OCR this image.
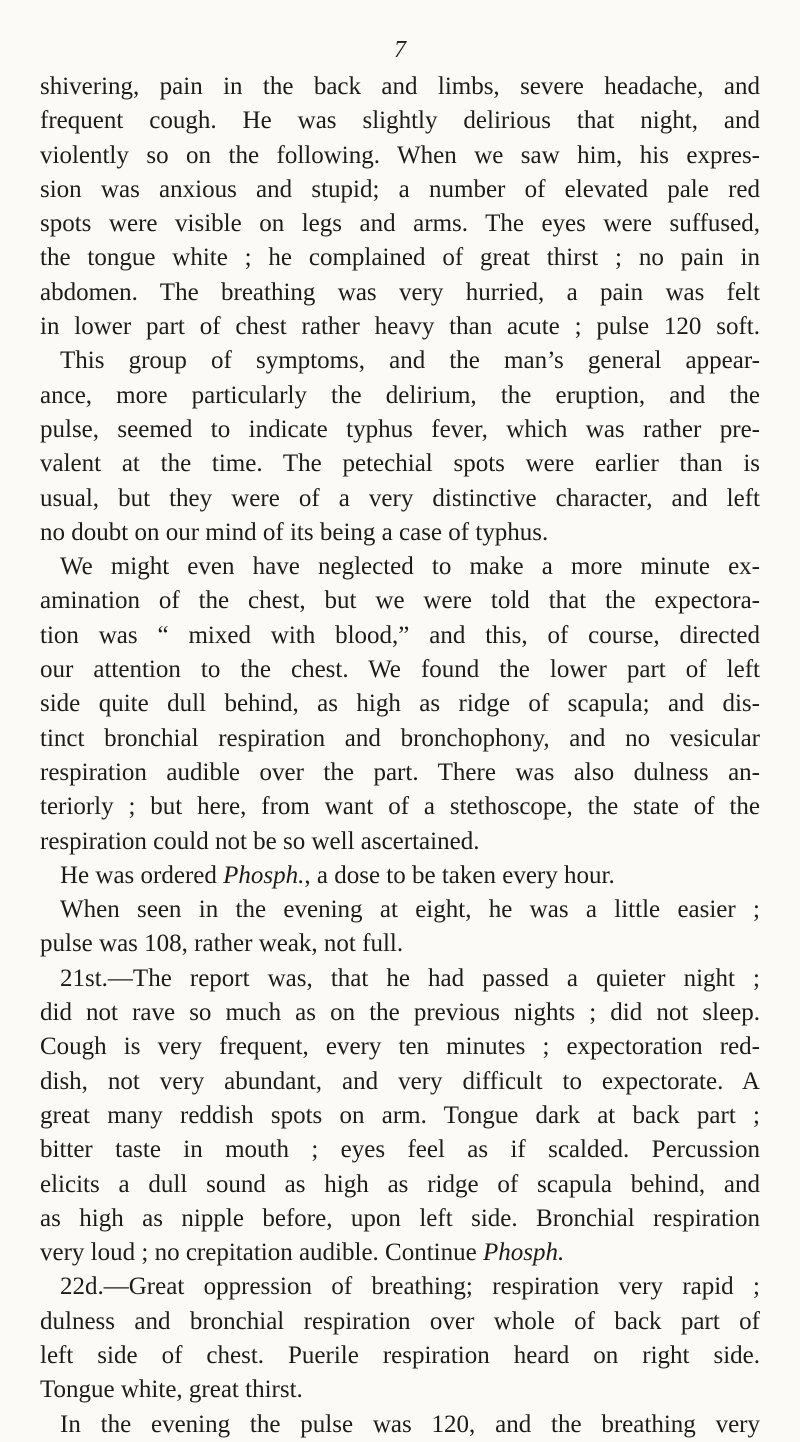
7
shivering, pain in the back and limbs, severe headache, and
frequent cough. He was slightly delirious that night, and
violently so on the following. When we saw him, his expres-
sion was anxious and stupid; a number of elevated pale red
spots were visible on legs and arms. The eyes were suffused,
the tongue white ; he complained of great thirst ; no pain in
abdomen. The breathing was very hurried, a pain was felt
in lower part of chest rather heavy than acute ; pulse 120 soft.
This group of symptoms, and the man’s general appear-
ance, more particularly the delirium, the eruption, and the
pulse, seemed to indicate typhus fever, which was rather pre-
valent at the time. The petechial spots were earlier than is
usual, but they were of a very distinctive character, and left
no doubt on our mind of its being a case of typhus.
We might even have neglected to make a more minute ex-
amination of the chest, but we were told that the expectora-
tion was “ mixed with blood,” and this, of course, directed
our attention to the chest. We found the lower part of left
side quite dull behind, as high as ridge of scapula; and dis-
tinct bronchial respiration and bronchophony, and no vesicular
respiration audible over the part. There was also dulness an-
teriorly ; but here, from want of a stethoscope, the state of the
respiration could not be so well ascertained.
He was ordered Phosph., a dose to be taken every hour.
When seen in the evening at eight, he was a little easier ;
pulse was 108, rather weak, not full.
21st.—The report was, that he had passed a quieter night ;
did not rave so much as on the previous nights ; did not sleep.
Cough is very frequent, every ten minutes ; expectoration red-
dish, not very abundant, and very difficult to expectorate. A
great many reddish spots on arm. Tongue dark at back part ;
bitter taste in mouth ; eyes feel as if scalded. Percussion
elicits a dull sound as high as ridge of scapula behind, and
as high as nipple before, upon left side. Bronchial respiration
very loud ; no crepitation audible. Continue Phosph.
22d.—Great oppression of breathing; respiration very rapid ;
dulness and bronchial respiration over whole of back part of
left side of chest. Puerile respiration heard on right side.
Tongue white, great thirst.
In the evening the pulse was 120, and the breathing very
